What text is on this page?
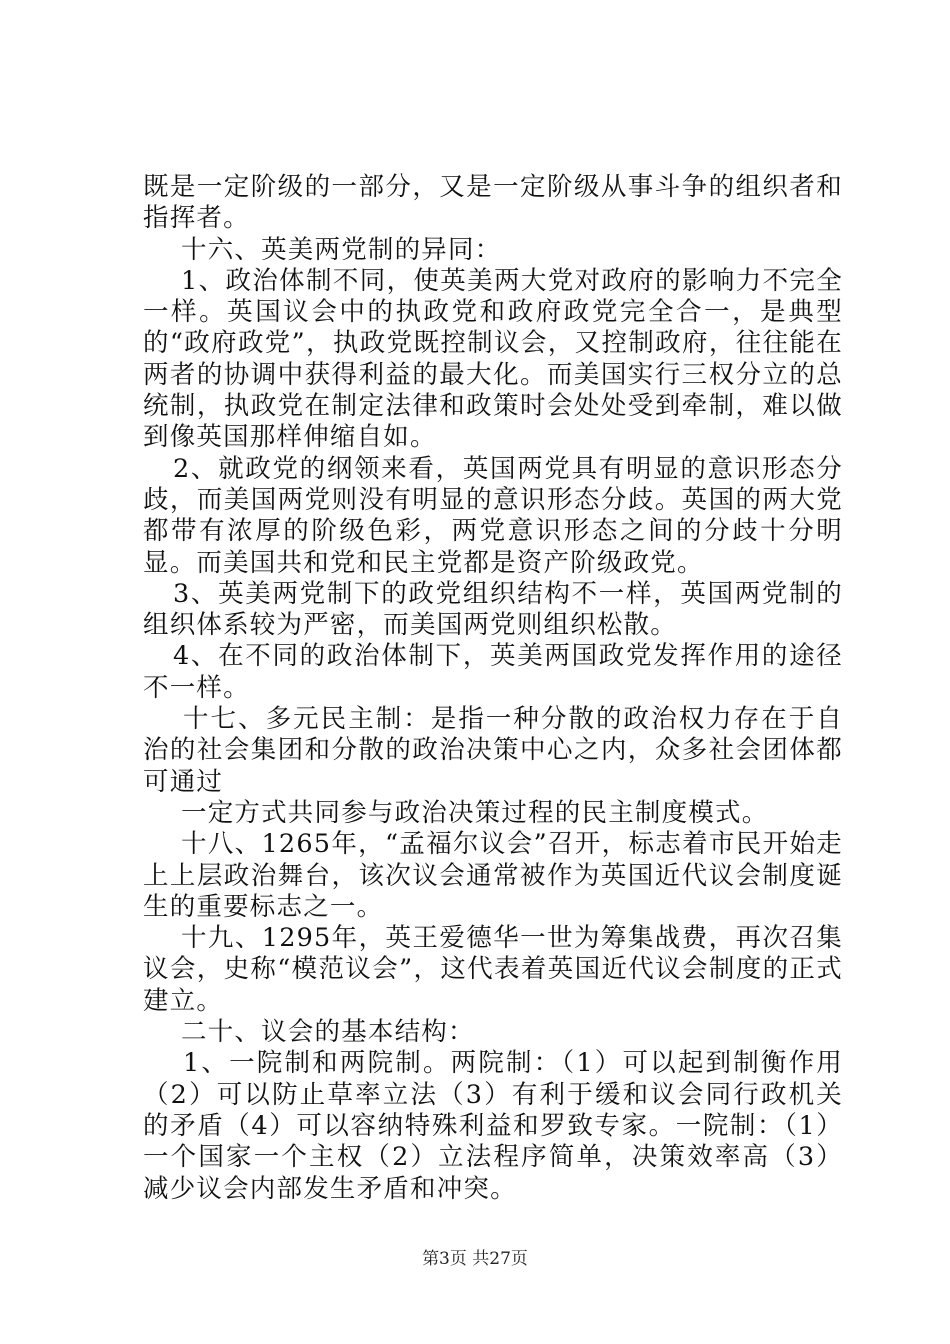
既是一定阶级的一部分，又是一定阶级从事斗争的组织者和指挥者。

十六、英美两党制的异同：

1、政治体制不同，使英美两大党对政府的影响力不完全一样。英国议会中的执政党和政府政党完全合一，是典型的“政府政党”，执政党既控制议会，又控制政府，往往能在两者的协调中获得利益的最大化。而美国实行三权分立的总统制，执政党在制定法律和政策时会处处受到牵制，难以做到像英国那样伸缩自如。

2、就政党的纲领来看，英国两党具有明显的意识形态分歧，而美国两党则没有明显的意识形态分歧。英国的两大党都带有浓厚的阶级色彩，两党意识形态之间的分歧十分明显。而美国共和党和民主党都是资产阶级政党。

3、英美两党制下的政党组织结构不一样，英国两党制的组织体系较为严密，而美国两党则组织松散。

4、在不同的政治体制下，英美两国政党发挥作用的途径不一样。

十七、多元民主制：是指一种分散的政治权力存在于自治的社会集团和分散的政治决策中心之内，众多社会团体都可通过

一定方式共同参与政治决策过程的民主制度模式。

十八、1265年，“孟福尔议会”召开，标志着市民开始走上上层政治舞台，该次议会通常被作为英国近代议会制度诞生的重要标志之一。

十九、1295年，英王爱德华一世为筹集战费，再次召集议会，史称“模范议会”，这代表着英国近代议会制度的正式建立。

二十、议会的基本结构：

1、一院制和两院制。两院制：（1）可以起到制衡作用（2）可以防止草率立法（3）有利于缓和议会同行政机关的矛盾（4）可以容纳特殊利益和罗致专家。一院制：（1）一个国家一个主权（2）立法程序简单，决策效率高（3）减少议会内部发生矛盾和冲突。

第3页 共27页
